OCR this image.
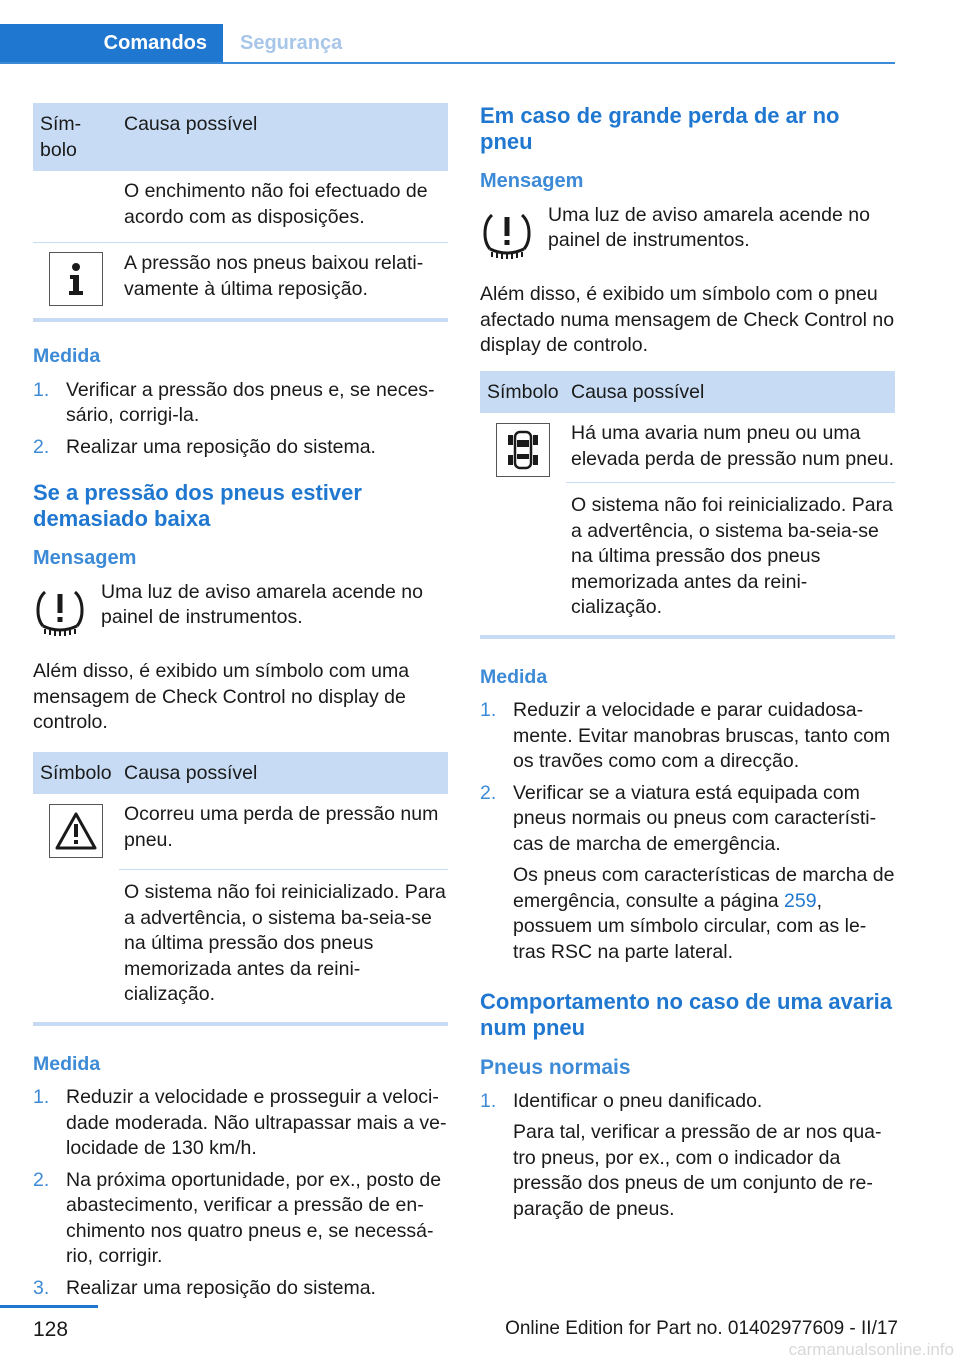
Comandos	Segurança
Sím-
bolo
Causa possível
O enchimento não foi efectuado de acordo com as disposições.
A pressão nos pneus baixou relati-vamente à última reposição.
Medida
1. Verificar a pressão dos pneus e, se neces-sário, corrigi-la.
2. Realizar uma reposição do sistema.
Se a pressão dos pneus estiver demasiado baixa
Mensagem
Uma luz de aviso amarela acende no painel de instrumentos.
Além disso, é exibido um símbolo com uma mensagem de Check Control no display de controlo.
Símbolo Causa possível
Ocorreu uma perda de pressão num pneu.
O sistema não foi reinicializado. Para a advertência, o sistema ba-seia-se na última pressão dos pneus memorizada antes da reini-cialização.
Medida
1. Reduzir a velocidade e prosseguir a veloci-dade moderada. Não ultrapassar mais a ve-locidade de 130 km/h.
2. Na próxima oportunidade, por ex., posto de abastecimento, verificar a pressão de en-chimento nos quatro pneus e, se necessá-rio, corrigir.
3. Realizar uma reposição do sistema.
Em caso de grande perda de ar no pneu
Mensagem
Uma luz de aviso amarela acende no painel de instrumentos.
Além disso, é exibido um símbolo com o pneu afectado numa mensagem de Check Control no display de controlo.
Símbolo Causa possível
Há uma avaria num pneu ou uma elevada perda de pressão num pneu.
O sistema não foi reinicializado. Para a advertência, o sistema ba-seia-se na última pressão dos pneus memorizada antes da reini-cialização.
Medida
1. Reduzir a velocidade e parar cuidadosa-mente. Evitar manobras bruscas, tanto com os travões como com a direcção.
2. Verificar se a viatura está equipada com pneus normais ou pneus com característi-cas de marcha de emergência.
Os pneus com características de marcha de emergência, consulte a página 259, possuem um símbolo circular, com as le-tras RSC na parte lateral.
Comportamento no caso de uma avaria num pneu
Pneus normais
1. Identificar o pneu danificado.
Para tal, verificar a pressão de ar nos qua-tro pneus, por ex., com o indicador da pressão dos pneus de um conjunto de re-paração de pneus.
128	Online Edition for Part no. 01402977609 - II/17
carmanualsonline.info
